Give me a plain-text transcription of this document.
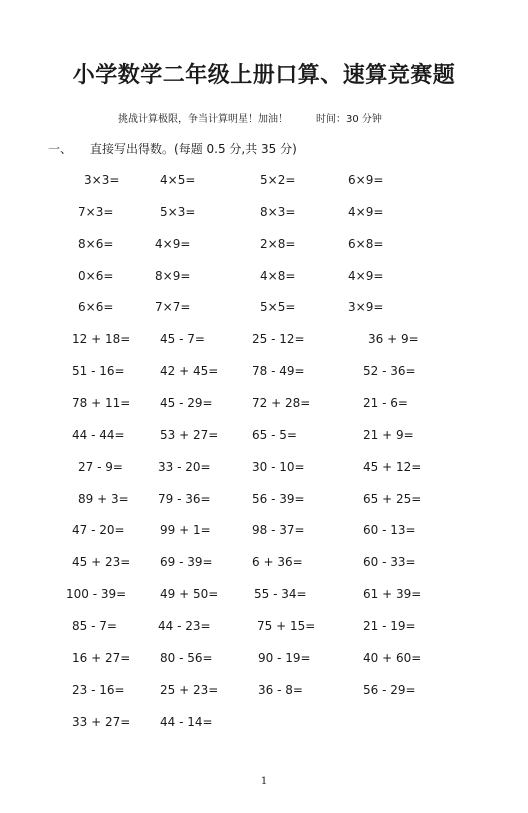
小学数学二年级上册口算、速算竞赛题
挑战计算极限，争当计算明星！加油！	时间：30 分钟
一、 直接写出得数。(每题 0.5 分,共 35 分)
3×3=	4×5=	5×2=	6×9=
7×3=	5×3=	8×3=	4×9=
8×6=	4×9=	2×8=	6×8=
0×6=	8×9=	4×8=	4×9=
6×6=	7×7=	5×5=	3×9=
12 + 18= 45 - 7=	25 - 12=	36 + 9=
51 - 16=	42 + 45=	78 - 49=	52 - 36=
78 + 11= 45 - 29=	72 + 28=	21 - 6=
44 - 44=	53 + 27=	65 - 5=	21 + 9=
27 - 9=	33 - 20=	30 - 10=	45 + 12=
89 + 3= 79 - 36=	56 - 39=	65 + 25=
47 - 20=	99 + 1=	98 - 37=	60 - 13=
45 + 23= 69 - 39=	6 + 36=	60 - 33=
100 - 39=	49 + 50=	55 - 34=	61 + 39=
85 - 7=	44 - 23=	75 + 15=	21 - 19=
16 + 27= 80 - 56=	90 - 19=	40 + 60=
23 - 16=	25 + 23=	36 - 8=	56 - 29=
33 + 27= 44 - 14=
1
